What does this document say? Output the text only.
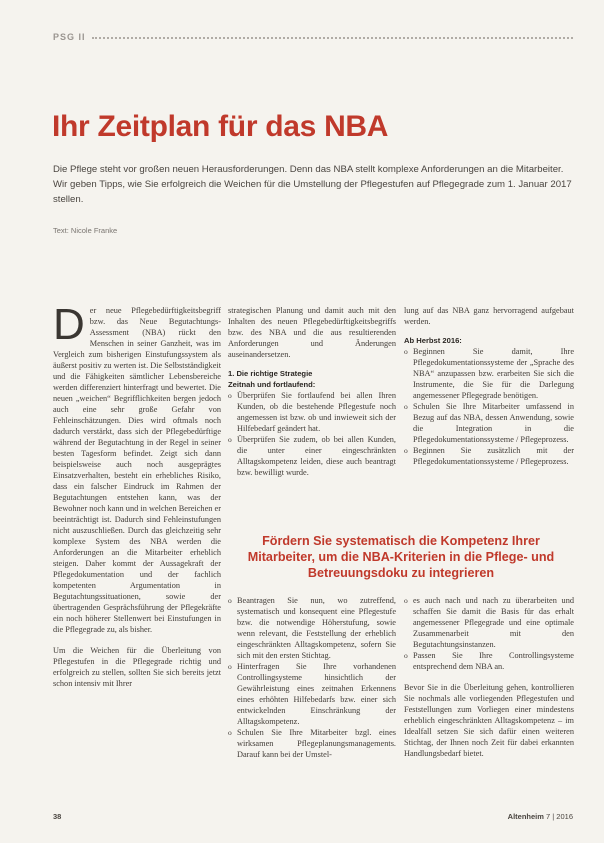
PSG II
Ihr Zeitplan für das NBA

Die Pflege steht vor großen neuen Herausforderungen. Denn das NBA stellt komplexe Anforderungen an die Mitarbeiter. Wir geben Tipps, wie Sie erfolgreich die Weichen für die Umstellung der Pflegestufen auf Pflegegrade zum 1. Januar 2017 stellen.

Text: Nicole Franke

Der neue Pflegebedürftigkeitsbegriff bzw. das Neue Begutachtungs-Assessment (NBA) rückt den Menschen in seiner Ganzheit, was im Vergleich zum bisherigen Einstufungssystem als äußerst positiv zu werten ist. Die Selbstständigkeit und die Fähigkeiten sämtlicher Lebensbereiche werden differenziert hinterfragt und bewertet. Die neuen „weichen“ Begrifflichkeiten bergen jedoch auch eine sehr große Gefahr von Fehleinschätzungen. Dies wird oftmals noch dadurch verstärkt, dass sich der Pflegebedürftige während der Begutachtung in der Regel in seiner besten Tagesform befindet. Zeigt sich dann beispielsweise auch noch ausgeprägtes Einsatzverhalten, besteht ein erhebliches Risiko, dass ein falscher Eindruck im Rahmen der Begutachtungen entstehen kann, was der Bewohner noch kann und in welchen Bereichen er beeinträchtigt ist. Dadurch sind Fehleinstufungen nicht auszuschließen. Durch das gleichzeitig sehr komplexe System des NBA werden die Anforderungen an die Mitarbeiter erheblich steigen. Daher kommt der Aussagekraft der Pflegedokumentation und der fachlich kompetenten Argumentation in Begutachtungssituationen, sowie der übertragenden Gesprächsführung der Pflegekräfte ein noch höherer Stellenwert bei Einstufungen in die Pflegegrade zu, als bisher.

Um die Weichen für die Überleitung von Pflegestufen in die Pflegegrade richtig und erfolgreich zu stellen, sollten Sie sich bereits jetzt schon intensiv mit Ihrer

strategischen Planung und damit auch mit den Inhalten des neuen Pflegebedürftigkeitsbegriffs bzw. des NBA und die aus resultierenden Anforderungen und Änderungen auseinandersetzen.

1. Die richtige Strategie

Zeitnah und fortlaufend:

o Überprüfen Sie fortlaufend bei allen Ihren Kunden, ob die bestehende Pflegestufe noch angemessen ist bzw. ob und inwieweit sich der Hilfebedarf geändert hat.
o Überprüfen Sie zudem, ob bei allen Kunden, die unter einer eingeschränkten Alltagskompetenz leiden, diese auch beantragt bzw. bewilligt wurde.

lung auf das NBA ganz hervorragend aufgebaut werden.

Ab Herbst 2016:

o Beginnen Sie damit, Ihre Pflegedokumentationssysteme der „Sprache des NBA“ anzupassen bzw. erarbeiten Sie sich die Instrumente, die Sie für die Darlegung angemessener Pflegegrade benötigen.
o Schulen Sie Ihre Mitarbeiter umfassend in Bezug auf das NBA, dessen Anwendung, sowie die Integration in die Pflegedokumentationssysteme / Pflegeprozess.
o Beginnen Sie zusätzlich mit der Pflegedokumentationssysteme / Pflegeprozess.

Fördern Sie systematisch die Kompetenz Ihrer Mitarbeiter, um die NBA-Kriterien in die Pflege- und Betreuungsdoku zu integrieren

o Beantragen Sie nun, wo zutreffend, systematisch und konsequent eine Pflegestufe bzw. die notwendige Höherstufung, sowie wenn relevant, die Feststellung der erheblich eingeschränkten Alltagskompetenz, sofern Sie sich mit den ersten Stichtag.
o Hinterfragen Sie Ihre vorhandenen Controllingsysteme hinsichtlich der Gewährleistung eines zeitnahen Erkennens eines erhöhten Hilfebedarfs bzw. einer sich entwickelnden Einschränkung der Alltagskompetenz.
o Schulen Sie Ihre Mitarbeiter bzgl. eines wirksamen Pflegeplanungsmanagements. Darauf kann bei der Umstel-
o es auch nach und nach zu überarbeiten und schaffen Sie damit die Basis für das erhalt angemessener Pflegegrade und eine optimale Zusammenarbeit mit den Begutachtungsinstanzen.
o Passen Sie Ihre Controllingsysteme entsprechend dem NBA an.

Bevor Sie in die Überleitung gehen, kontrollieren Sie nochmals alle vorliegenden Pflegestufen und Feststellungen zum Vorliegen einer mindestens erheblich eingeschränkten Alltagskompetenz – im Idealfall setzen Sie sich dafür einen weiteren Stichtag, der Ihnen noch Zeit für dabei erkannten Handlungsbedarf bietet.

38	Altenheim 7 | 2016
